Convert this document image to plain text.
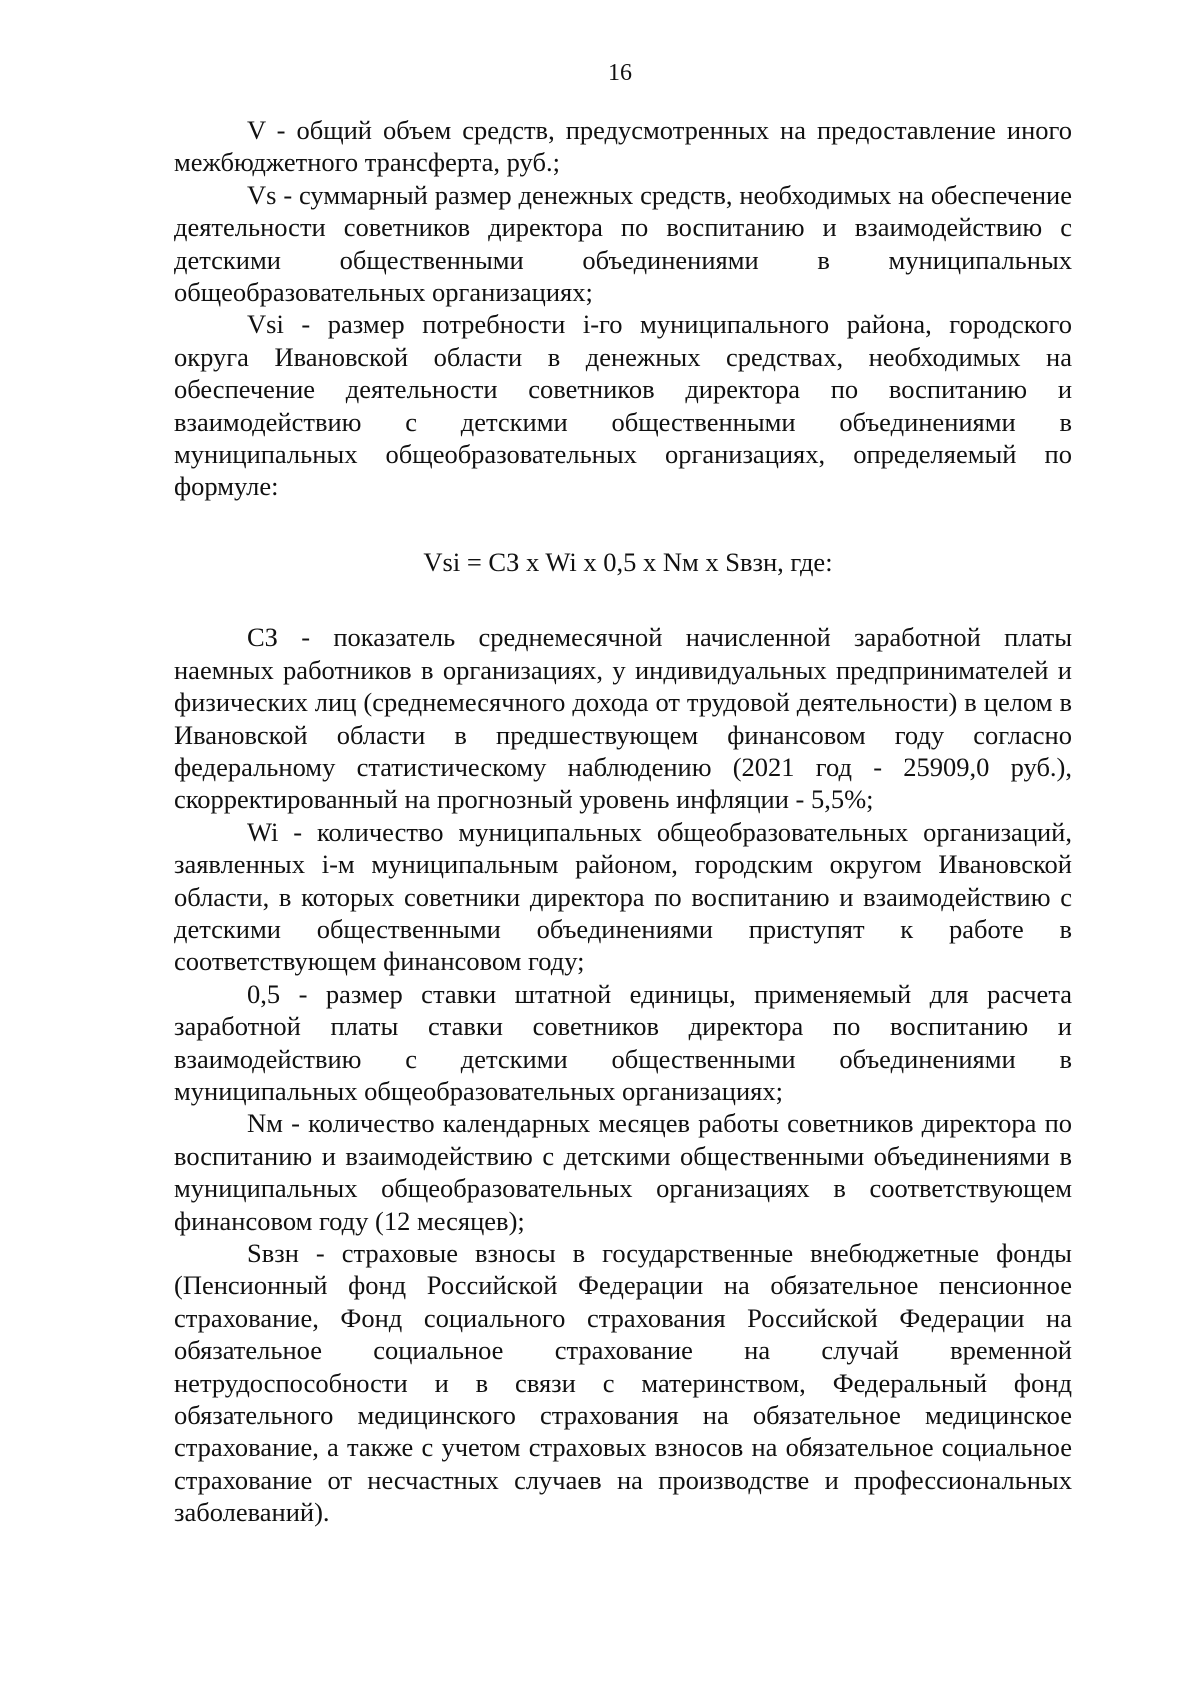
16

V - общий объем средств, предусмотренных на предоставление иного межбюджетного трансферта, руб.;

Vs - суммарный размер денежных средств, необходимых на обеспечение деятельности советников директора по воспитанию и взаимодействию с детскими общественными объединениями в муниципальных общеобразовательных организациях;

Vsi - размер потребности i-го муниципального района, городского округа Ивановской области в денежных средствах, необходимых на обеспечение деятельности советников директора по воспитанию и взаимодействию с детскими общественными объединениями в муниципальных общеобразовательных организациях, определяемый по формуле:

Vsi = СЗ x Wi x 0,5 x Nм x Sвзн, где:

СЗ - показатель среднемесячной начисленной заработной платы наемных работников в организациях, у индивидуальных предпринимателей и физических лиц (среднемесячного дохода от трудовой деятельности) в целом в Ивановской области в предшествующем финансовом году согласно федеральному статистическому наблюдению (2021 год - 25909,0 руб.), скорректированный на прогнозный уровень инфляции - 5,5%;

Wi - количество муниципальных общеобразовательных организаций, заявленных i-м муниципальным районом, городским округом Ивановской области, в которых советники директора по воспитанию и взаимодействию с детскими общественными объединениями приступят к работе в соответствующем финансовом году;

0,5 - размер ставки штатной единицы, применяемый для расчета заработной платы ставки советников директора по воспитанию и взаимодействию с детскими общественными объединениями в муниципальных общеобразовательных организациях;

Nм - количество календарных месяцев работы советников директора по воспитанию и взаимодействию с детскими общественными объединениями в муниципальных общеобразовательных организациях в соответствующем финансовом году (12 месяцев);

Sвзн - страховые взносы в государственные внебюджетные фонды (Пенсионный фонд Российской Федерации на обязательное пенсионное страхование, Фонд социального страхования Российской Федерации на обязательное социальное страхование на случай временной нетрудоспособности и в связи с материнством, Федеральный фонд обязательного медицинского страхования на обязательное медицинское страхование, а также с учетом страховых взносов на обязательное социальное страхование от несчастных случаев на производстве и профессиональных заболеваний).
